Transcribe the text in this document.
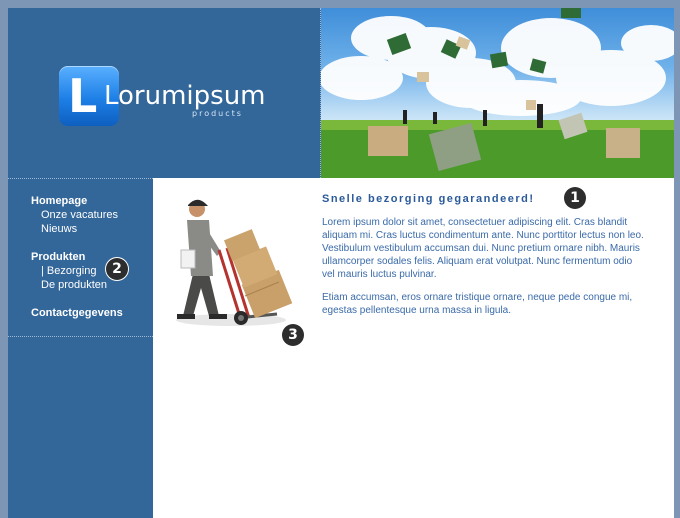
L Lorumipsum
products
Homepage
Onze vacatures
Nieuws
Produkten
| Bezorging
De produkten
Contactgegevens
2
3
Snelle bezorging gegarandeerd!	1

Lorem ipsum dolor sit amet, consectetuer adipiscing elit. Cras blandit aliquam mi. Cras luctus condimentum ante. Nunc porttitor lectus non leo. Vestibulum vestibulum accumsan dui. Nunc pretium ornare nibh. Mauris ullamcorper sodales felis. Aliquam erat volutpat. Nunc fermentum odio vel mauris luctus pulvinar.

Etiam accumsan, eros ornare tristique ornare, neque pede congue mi, egestas pellentesque urna massa in ligula.
